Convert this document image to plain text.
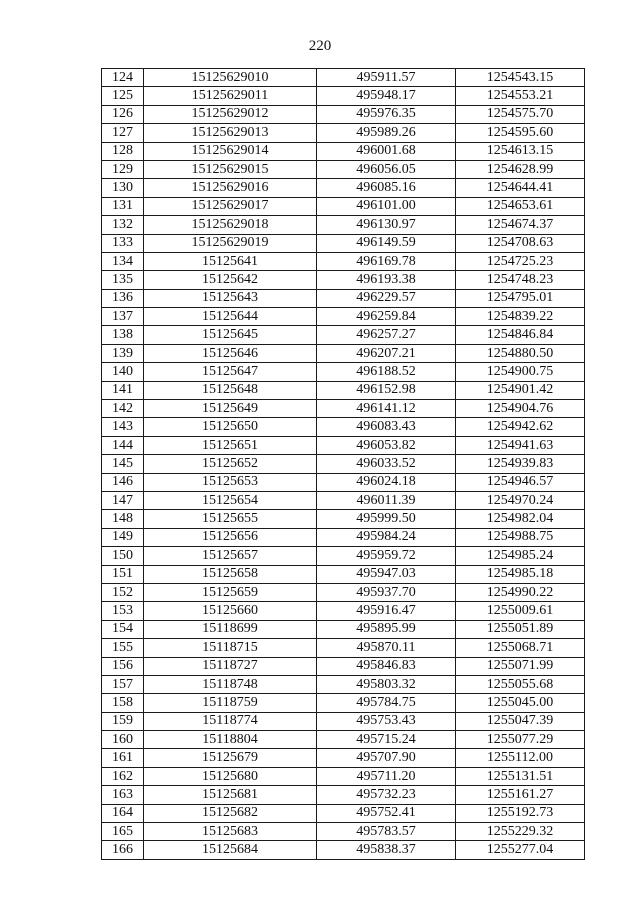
220
124	15125629010	495911.57	1254543.15
125	15125629011	495948.17	1254553.21
126	15125629012	495976.35	1254575.70
127	15125629013	495989.26	1254595.60
128	15125629014	496001.68	1254613.15
129	15125629015	496056.05	1254628.99
130	15125629016	496085.16	1254644.41
131	15125629017	496101.00	1254653.61
132	15125629018	496130.97	1254674.37
133	15125629019	496149.59	1254708.63
134	15125641	496169.78	1254725.23
135	15125642	496193.38	1254748.23
136	15125643	496229.57	1254795.01
137	15125644	496259.84	1254839.22
138	15125645	496257.27	1254846.84
139	15125646	496207.21	1254880.50
140	15125647	496188.52	1254900.75
141	15125648	496152.98	1254901.42
142	15125649	496141.12	1254904.76
143	15125650	496083.43	1254942.62
144	15125651	496053.82	1254941.63
145	15125652	496033.52	1254939.83
146	15125653	496024.18	1254946.57
147	15125654	496011.39	1254970.24
148	15125655	495999.50	1254982.04
149	15125656	495984.24	1254988.75
150	15125657	495959.72	1254985.24
151	15125658	495947.03	1254985.18
152	15125659	495937.70	1254990.22
153	15125660	495916.47	1255009.61
154	15118699	495895.99	1255051.89
155	15118715	495870.11	1255068.71
156	15118727	495846.83	1255071.99
157	15118748	495803.32	1255055.68
158	15118759	495784.75	1255045.00
159	15118774	495753.43	1255047.39
160	15118804	495715.24	1255077.29
161	15125679	495707.90	1255112.00
162	15125680	495711.20	1255131.51
163	15125681	495732.23	1255161.27
164	15125682	495752.41	1255192.73
165	15125683	495783.57	1255229.32
166	15125684	495838.37	1255277.04
